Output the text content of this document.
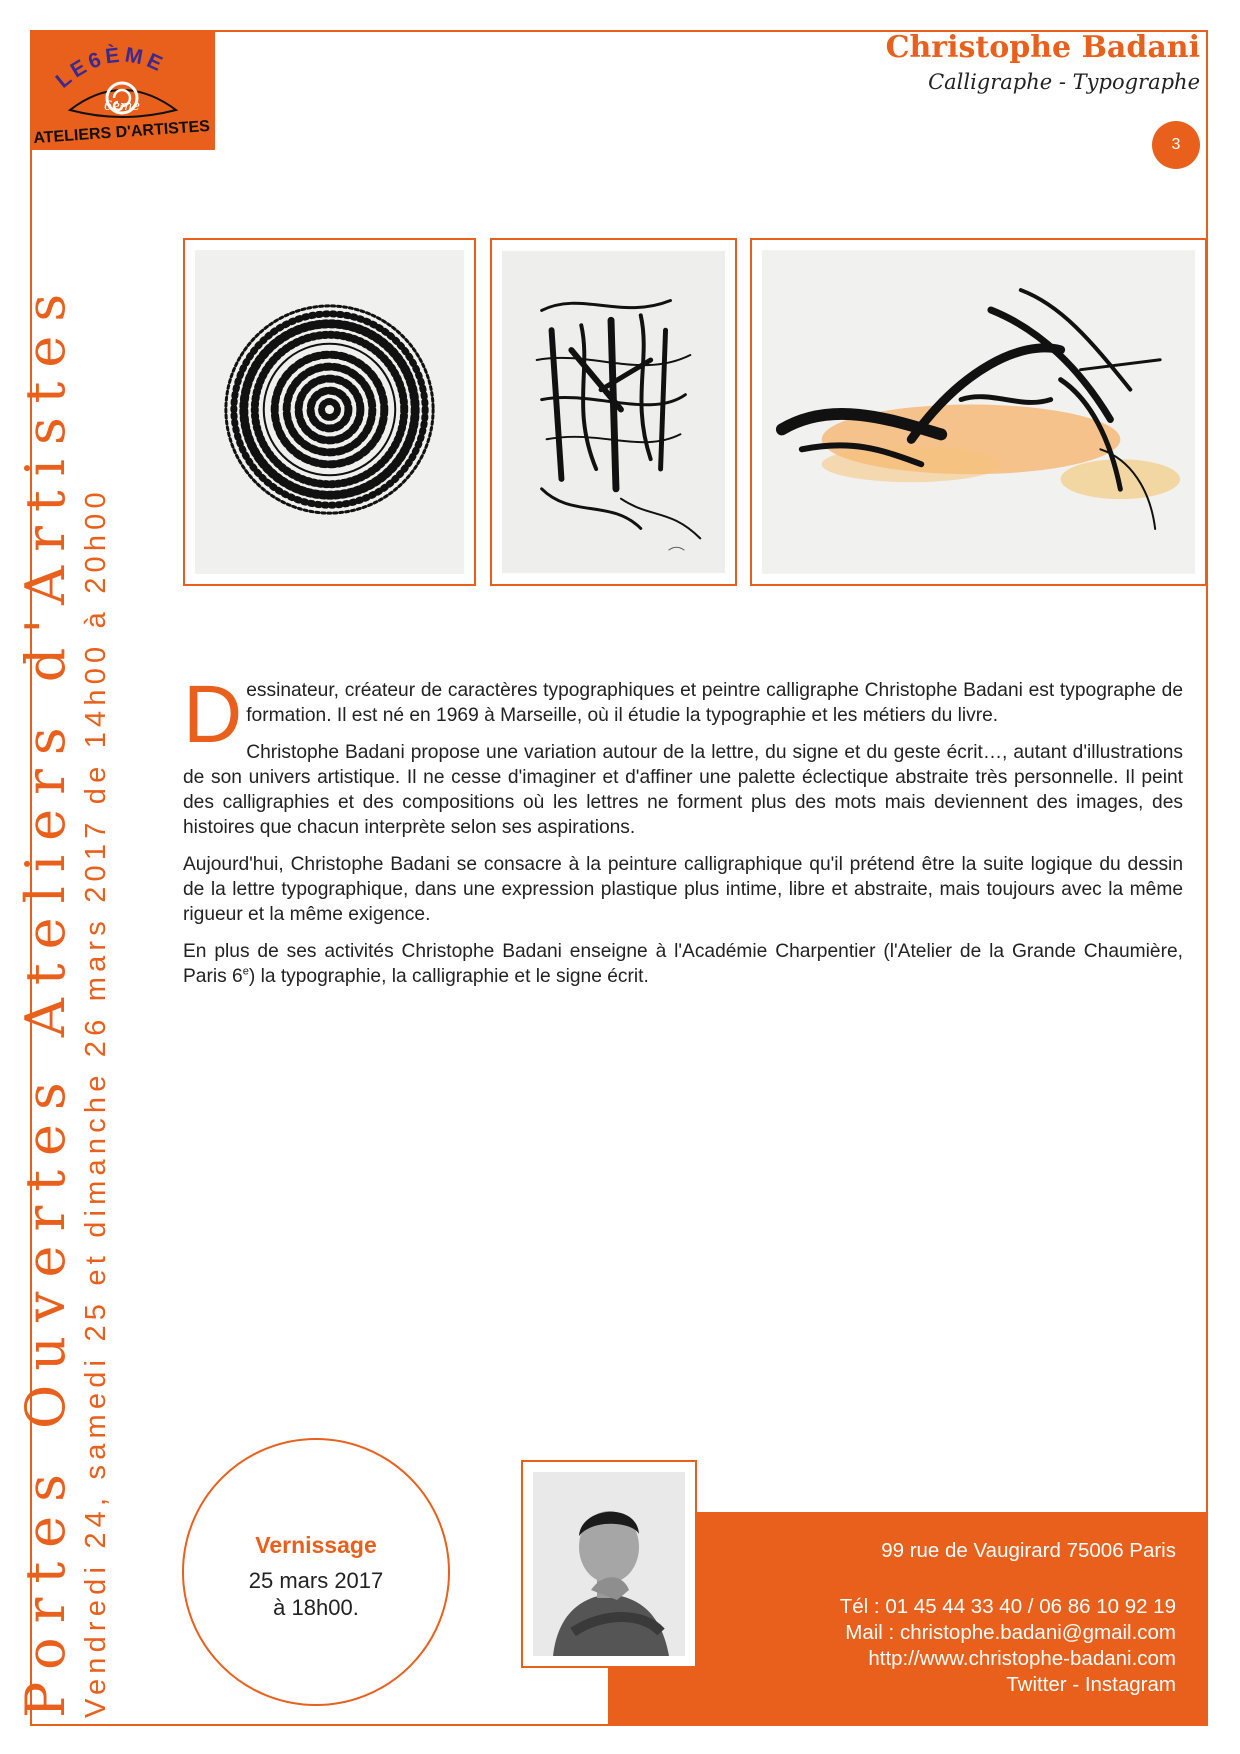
LE6ÈME
6eme
ATELIERS D'ARTISTES
Christophe Badani
Calligraphe - Typographe
3
Portes Ouvertes Ateliers d'Artistes Vendredi 24, samedi 25 et dimanche 26 mars 2017 de 14h00 à 20h00 D essinateur, créateur de caractères typographiques et peintre calligraphe Christophe Badani est typographe de formation. Il est né en 1969 à Marseille, où il étudie la typographie et les métiers du livre.

Christophe Badani propose une variation autour de la lettre, du signe et du geste écrit…, autant d'illustrations de son univers artistique. Il ne cesse d'imaginer et d'affiner une palette éclectique abstraite très personnelle. Il peint des calligraphies et des compositions où les lettres ne forment plus des mots mais deviennent des images, des histoires que chacun interprète selon ses aspirations.

Aujourd'hui, Christophe Badani se consacre à la peinture calligraphique qu'il prétend être la suite logique du dessin de la lettre typographique, dans une expression plastique plus intime, libre et abstraite, mais toujours avec la même rigueur et la même exigence.

En plus de ses activités Christophe Badani enseigne à l'Académie Charpentier (l'Atelier de la Grande Chaumière, Paris 6e) la typographie, la calligraphie et le signe écrit.

99 rue de Vaugirard 75006 Paris
Tél : 01 45 44 33 40 / 06 86 10 92 19
Mail : christophe.badani@gmail.com
http://www.christophe-badani.com
Twitter - Instagram
Vernissage
25 mars 2017
à 18h00.
